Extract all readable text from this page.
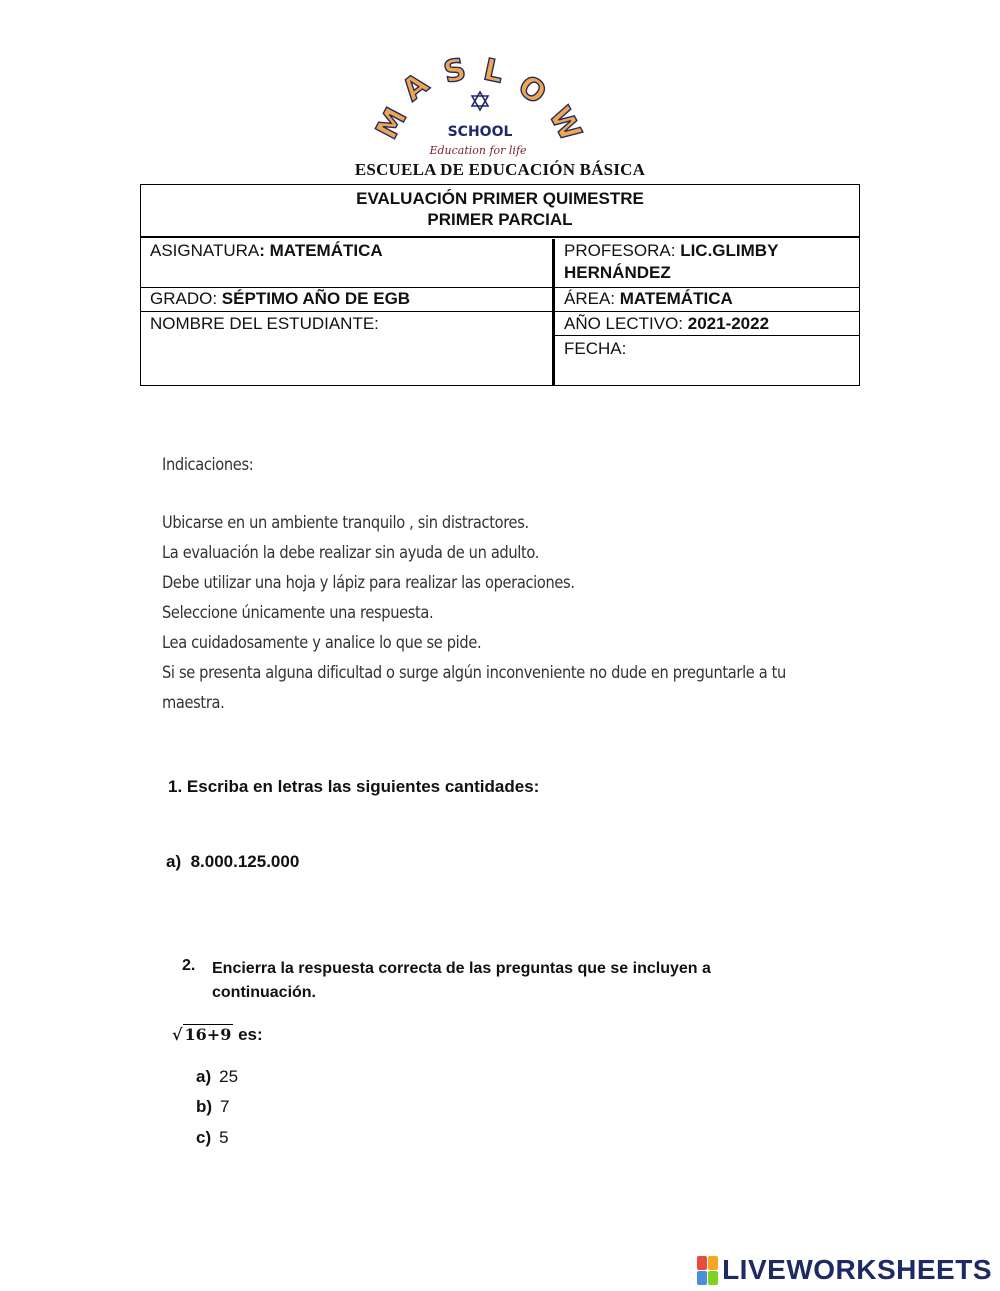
M
A S L O
W
SCHOOL
Education for life
ESCUELA DE EDUCACIÓN BÁSICA
EVALUACIÓN PRIMER QUIMESTRE
PRIMER PARCIAL
ASIGNATURA: MATEMÁTICA	PROFESORA: LIC.GLIMBY
HERNÁNDEZ
GRADO: SÉPTIMO AÑO DE EGB	ÁREA: MATEMÁTICA
NOMBRE DEL ESTUDIANTE:	AÑO LECTIVO: 2021-2022
FECHA:
Indicaciones:
Ubicarse en un ambiente tranquilo , sin distractores.
La evaluación la debe realizar sin ayuda de un adulto.
Debe utilizar una hoja y lápiz para realizar las operaciones.
Seleccione únicamente una respuesta.
Lea cuidadosamente y analice lo que se pide.
Si se presenta alguna dificultad o surge algún inconveniente no dude en preguntarle a tu
maestra.
1. Escriba en letras las siguientes cantidades:
a) 8.000.125.000
2. Encierra la respuesta correcta de las preguntas que se incluyen a
continuación.
√ 16+9 es:
a) 25
b) 7
c) 5
LIVEWORKSHEETS
